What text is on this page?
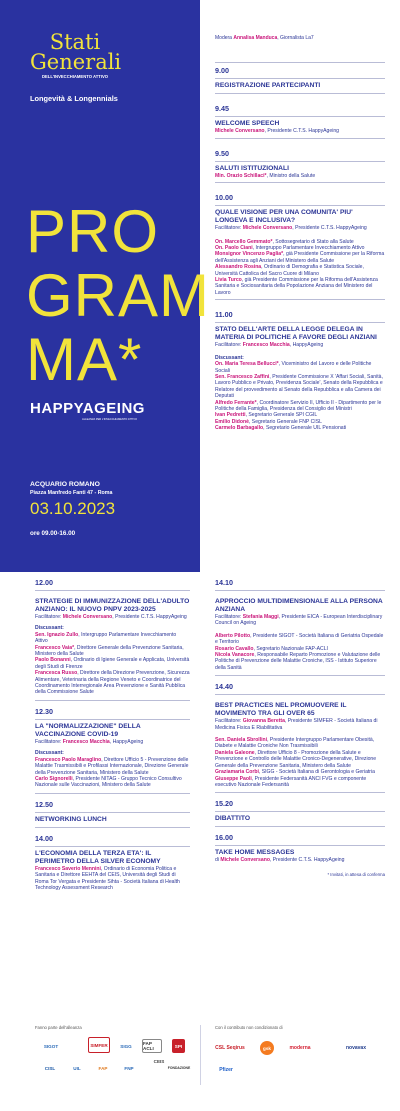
Stati
Generali
DELL'INVECCHIAMENTO ATTIVO
Longevità & Longennials
PRO
GRAM
MA*
HAPPYAGEING
ALLEANZA PER L'INVECCHIAMENTO ATTIVO
ACQUARIO ROMANO
Piazza Manfredo Fanti 47 - Roma
03.10.2023
ore 09.00-16.00
Modera Annalisa Manduca, Giornalista La7
9.00
REGISTRAZIONE PARTECIPANTI
9.45
WELCOME SPEECH
Michele Conversano, Presidente C.T.S. HappyAgeing
9.50
SALUTI ISTITUZIONALI
Min. Orazio Schillaci*, Ministro della Salute
10.00
QUALE VISIONE PER UNA COMUNITA' PIU' LONGEVA E INCLUSIVA?
Facilitatore: Michele Conversano, Presidente C.T.S. HappyAgeing
On. Marcello Gemmato*, Sottosegretario di Stato alla Salute
On. Paolo Ciani, Intergruppo Parlamentare Invecchiamento Attivo
Monsignor Vincenzo Paglia*, già Presidente Commissione per la Riforma dell'Assistenza agli Anziani del Ministero della Salute
Alessandro Rosina, Ordinario di Demografia e Statistica Sociale, Università Cattolica del Sacro Cuore di Milano
Livia Turco, già Presidente Commissione per la Riforma dell'Assistenza Sanitaria e Sociosanitaria della Popolazione Anziana del Ministero del Lavoro
11.00
STATO DELL'ARTE DELLA LEGGE DELEGA IN MATERIA DI POLITICHE A FAVORE DEGLI ANZIANI
Facilitatore: Francesco Macchia, HappyAgeing
Discussant:
On. Maria Teresa Bellucci*, Viceministro del Lavoro e delle Politiche Sociali
Sen. Francesco Zaffini, Presidente Commissione X 'Affari Sociali, Sanità, Lavoro Pubblico e Privato, Previdenza Sociale', Senato della Repubblica e Relatore del provvedimento al Senato della Repubblica e alla Camera dei Deputati
Alfredo Ferrante*, Coordinatore Servizio II, Ufficio II - Dipartimento per le Politiche della Famiglia, Presidenza del Consiglio dei Ministri
Ivan Pedretti, Segretario Generale SPI CGIL
Emilio Didonè, Segretario Generale FNP CISL
Carmelo Barbagallo, Segretario Generale UIL Pensionati
12.00
STRATEGIE DI IMMUNIZZAZIONE DELL'ADULTO ANZIANO: IL NUOVO PNPV 2023-2025
Facilitatore: Michele Conversano, Presidente C.T.S. HappyAgeing
Discussant:
Sen. Ignazio Zullo, Intergruppo Parlamentare Invecchiamento Attivo
Francesco Vaia*, Direttore Generale della Prevenzione Sanitaria, Ministero della Salute
Paolo Bonanni, Ordinario di Igiene Generale e Applicata, Università degli Studi di Firenze
Francesca Russo, Direttore della Direzione Prevenzione, Sicurezza Alimentare, Veterinaria della Regione Veneto e Coordinatrice del Coordinamento Interregionale Area Prevenzione e Sanità Pubblica della Commissione Salute
12.30
LA "NORMALIZZAZIONE" DELLA VACCINAZIONE COVID-19
Facilitatore: Francesco Macchia, HappyAgeing
Discussant:
Francesco Paolo Maraglino, Direttore Ufficio 5 - Prevenzione delle Malattie Trasmissibili e Profilassi Internazionale, Direzione Generale della Prevenzione Sanitaria, Ministero della Salute
Carlo Signorelli, Presidente NITAG - Gruppo Tecnico Consultivo Nazionale sulle Vaccinazioni, Ministero della Salute
12.50
NETWORKING LUNCH
14.00
L'ECONOMIA DELLA TERZA ETA': IL PERIMETRO DELLA SILVER ECONOMY
Francesco Saverio Mennini, Ordinario di Economia Politica e Sanitaria e Direttore EEHTA del CEIS, Università degli Studi di Roma Tor Vergata e Presidente Sihta - Società Italiana di Health Technology Assessment Research
14.10
APPROCCIO MULTIDIMENSIONALE ALLA PERSONA ANZIANA
Facilitatore: Stefania Maggi, Presidente EICA - European Interdisciplinary Council on Ageing
Alberto Pilotto, Presidente SIGOT - Società Italiana di Geriatria Ospedale e Territorio
Rosario Cavallo, Segretario Nazionale FAP-ACLI
Nicola Vanacore, Responsabile Reparto Promozione e Valutazione delle Politiche di Prevenzione delle Malattie Croniche, ISS - Istituto Superiore della Sanità
14.40
BEST PRACTICES NEL PROMUOVERE IL MOVIMENTO TRA GLI OVER 65
Facilitatore: Giovanna Beretta, Presidente SIMFER - Società Italiana di Medicina Fisica E Riabilitativa
Sen. Daniela Sbrollini, Presidente Intergruppo Parlamentare Obesità, Diabete e Malattie Croniche Non Trasmissibili
Daniela Galeone, Direttore Ufficio 8 - Promozione della Salute e Prevenzione e Controllo delle Malattie Cronico-Degenerative, Direzione Generale della Prevenzione Sanitaria, Ministero della Salute
Graziamaria Corbi, SIGG - Società Italiana di Gerontologia e Geriatria
Giuseppe Paoli, Presidente Federsanità ANCI FVG e componente esecutivo Nazionale Federsanità
15.20
DIBATTITO
16.00
TAKE HOME MESSAGES
di Michele Conversano, Presidente C.T.S. HappyAgeing
* Invitati, in attesa di conferma
Fanno parte dell'alleanza	Con il contributo non condizionato di
SIGOT	SIMFER	SIGG	FAP ACLI
CEIS
SPI
CISL	UIL	FAP	FNP	FONDAZIONE
CSL Seqirus	gsk	moderna	novavax
Pfizer
